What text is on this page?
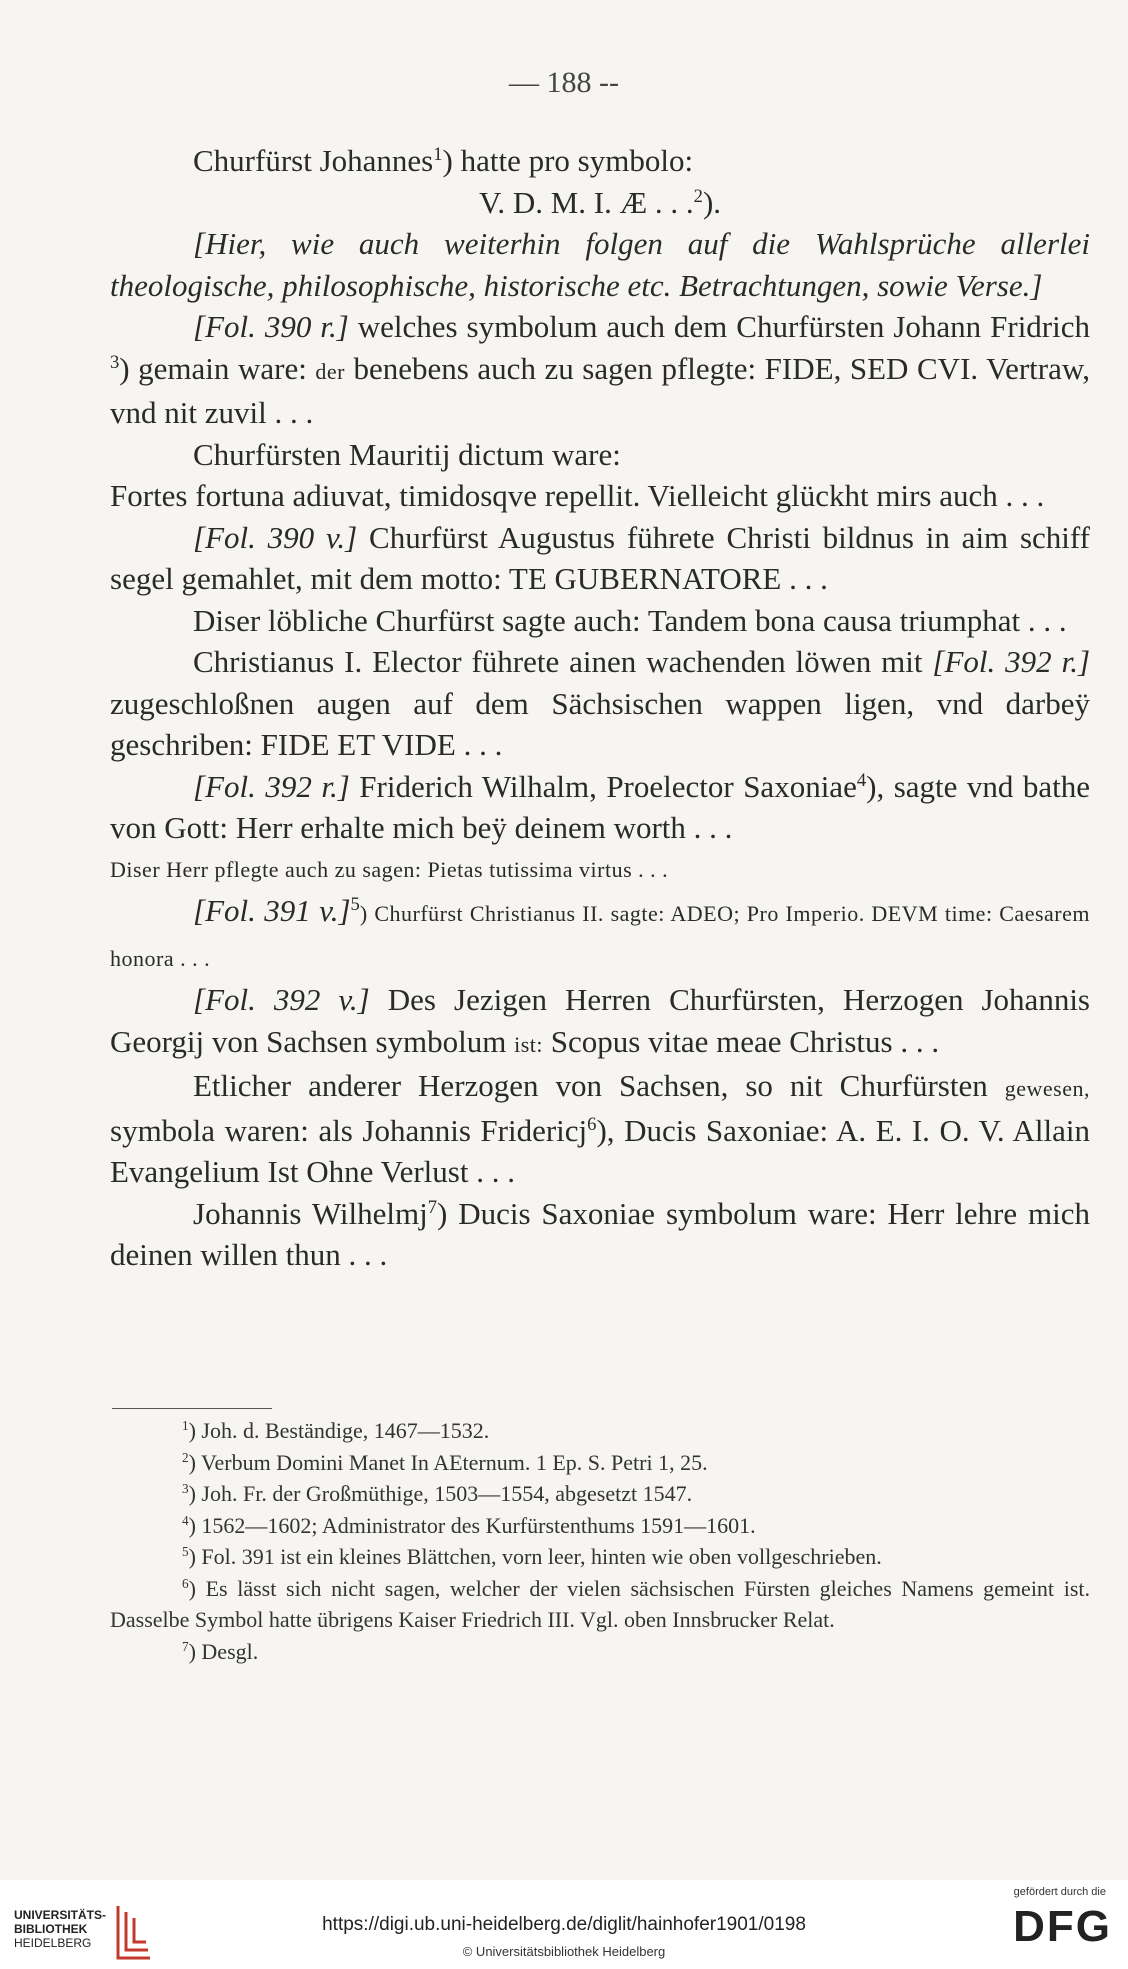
— 188 --

Churfürst Johannes$^1$) hatte pro symbolo:

V. D. M. I. Æ . . .$^2$).

[Hier, wie auch weiterhin folgen auf die Wahlsprüche allerlei theologische, philosophische, historische etc. Betrachtungen, sowie Verse.]

[Fol. 390 r.] welches symbolum auch dem Churfürsten Johann Fridrich $^3$) gemain ware: der benebens auch zu sagen pflegte: FIDE, SED CVI. Vertraw, vnd nit zuvil . . .

Churfürsten Mauritij dictum ware:

Fortes fortuna adiuvat, timidosqve repellit. Vielleicht glückht mirs auch . . .

[Fol. 390 v.] Churfürst Augustus führete Christi bildnus in aim schiff segel gemahlet, mit dem motto: TE GUBERNATORE . . .

Diser löbliche Churfürst sagte auch: Tandem bona causa triumphat . . .

Christianus I. Elector führete ainen wachenden löwen mit [Fol. 392 r.] zugeschloßnen augen auf dem Sächsischen wappen ligen, vnd darbeÿ geschriben: FIDE ET VIDE . . .

[Fol. 392 r.] Friderich Wilhalm, Proelector Saxoniae$^4$), sagte vnd bathe von Gott: Herr erhalte mich beÿ deinem worth . . .

Diser Herr pflegte auch zu sagen: Pietas tutissima virtus . . .

[Fol. 391 v.]$^5$) Churfürst Christianus II. sagte: ADEO; Pro Imperio. DEVM time: Caesarem honora . . .

[Fol. 392 v.] Des Jezigen Herren Churfürsten, Herzogen Johannis Georgij von Sachsen symbolum ist: Scopus vitae meae Christus . . .

Etlicher anderer Herzogen von Sachsen, so nit Churfürsten gewesen, symbola waren: als Johannis Fridericj$^6$), Ducis Saxoniae: A. E. I. O. V. Allain Evangelium Ist Ohne Verlust . . .

Johannis Wilhelmj$^7$) Ducis Saxoniae symbolum ware: Herr lehre mich deinen willen thun . . .

$^1$) Joh. d. Beständige, 1467—1532.

$^2$) Verbum Domini Manet In AEternum. 1 Ep. S. Petri 1, 25.

$^3$) Joh. Fr. der Großmüthige, 1503—1554, abgesetzt 1547.

$^4$) 1562—1602; Administrator des Kurfürstenthums 1591—1601.

$^5$) Fol. 391 ist ein kleines Blättchen, vorn leer, hinten wie oben vollgeschrieben.

$^6$) Es lässt sich nicht sagen, welcher der vielen sächsischen Fürsten gleiches Namens gemeint ist. Dasselbe Symbol hatte übrigens Kaiser Friedrich III. Vgl. oben Innsbrucker Relat.

$^7$) Desgl.

UNIVERSITÄTS-
BIBLIOTHEK
HEIDELBERG
https://digi.ub.uni-heidelberg.de/diglit/hainhofer1901/0198
© Universitätsbibliothek Heidelberg
gefördert durch die
DFG
